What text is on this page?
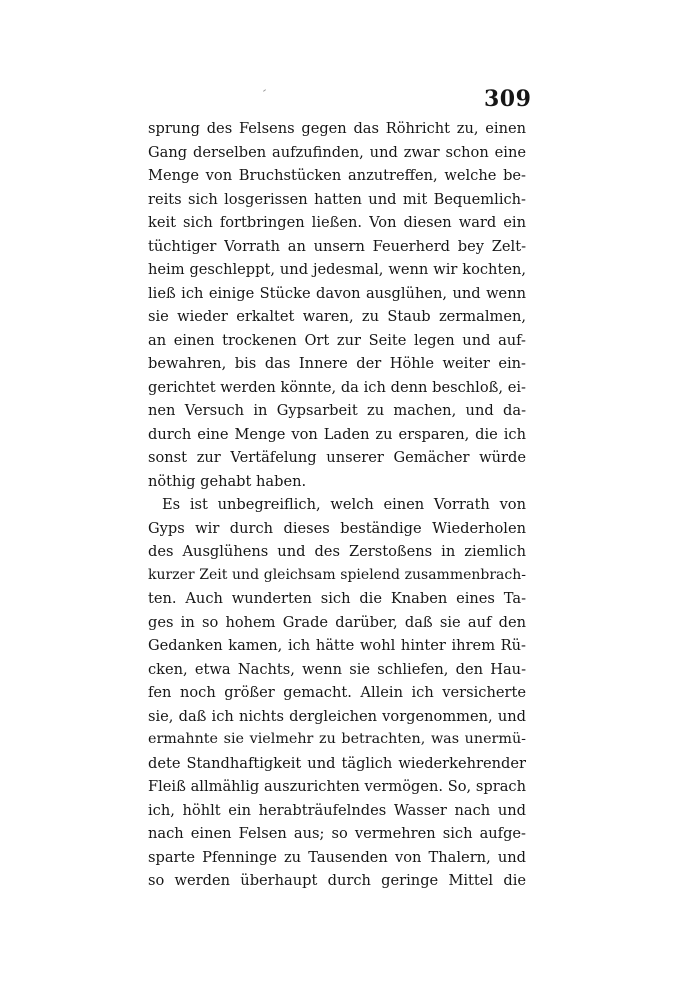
309
sprung des Felsens gegen das Röhricht zu, einen
Gang derselben aufzufinden, und zwar schon eine
Menge von Bruchstücken anzutreffen, welche be-
reits sich losgerissen hatten und mit Bequemlich-
keit sich fortbringen ließen. Von diesen ward ein
tüchtiger Vorrath an unsern Feuerherd bey Zelt-
heim geschleppt, und jedesmal, wenn wir kochten,
ließ ich einige Stücke davon ausglühen, und wenn
sie wieder erkaltet waren, zu Staub zermalmen,
an einen trockenen Ort zur Seite legen und auf-
bewahren, bis das Innere der Höhle weiter ein-
gerichtet werden könnte, da ich denn beschloß, ei-
nen Versuch in Gypsarbeit zu machen, und da-
durch eine Menge von Laden zu ersparen, die ich
sonst zur Vertäfelung unserer Gemächer würde
nöthig gehabt haben.
Es ist unbegreiflich, welch einen Vorrath von
Gyps wir durch dieses beständige Wiederholen
des Ausglühens und des Zerstoßens in ziemlich
kurzer Zeit und gleichsam spielend zusammenbrach-
ten. Auch wunderten sich die Knaben eines Ta-
ges in so hohem Grade darüber, daß sie auf den
Gedanken kamen, ich hätte wohl hinter ihrem Rü-
cken, etwa Nachts, wenn sie schliefen, den Hau-
fen noch größer gemacht. Allein ich versicherte
sie, daß ich nichts dergleichen vorgenommen, und
ermahnte sie vielmehr zu betrachten, was unermü-
dete Standhaftigkeit und täglich wiederkehrender
Fleiß allmählig auszurichten vermögen. So, sprach
ich, höhlt ein herabträufelndes Wasser nach und
nach einen Felsen aus; so vermehren sich aufge-
sparte Pfenninge zu Tausenden von Thalern, und
so werden überhaupt durch geringe Mittel die
